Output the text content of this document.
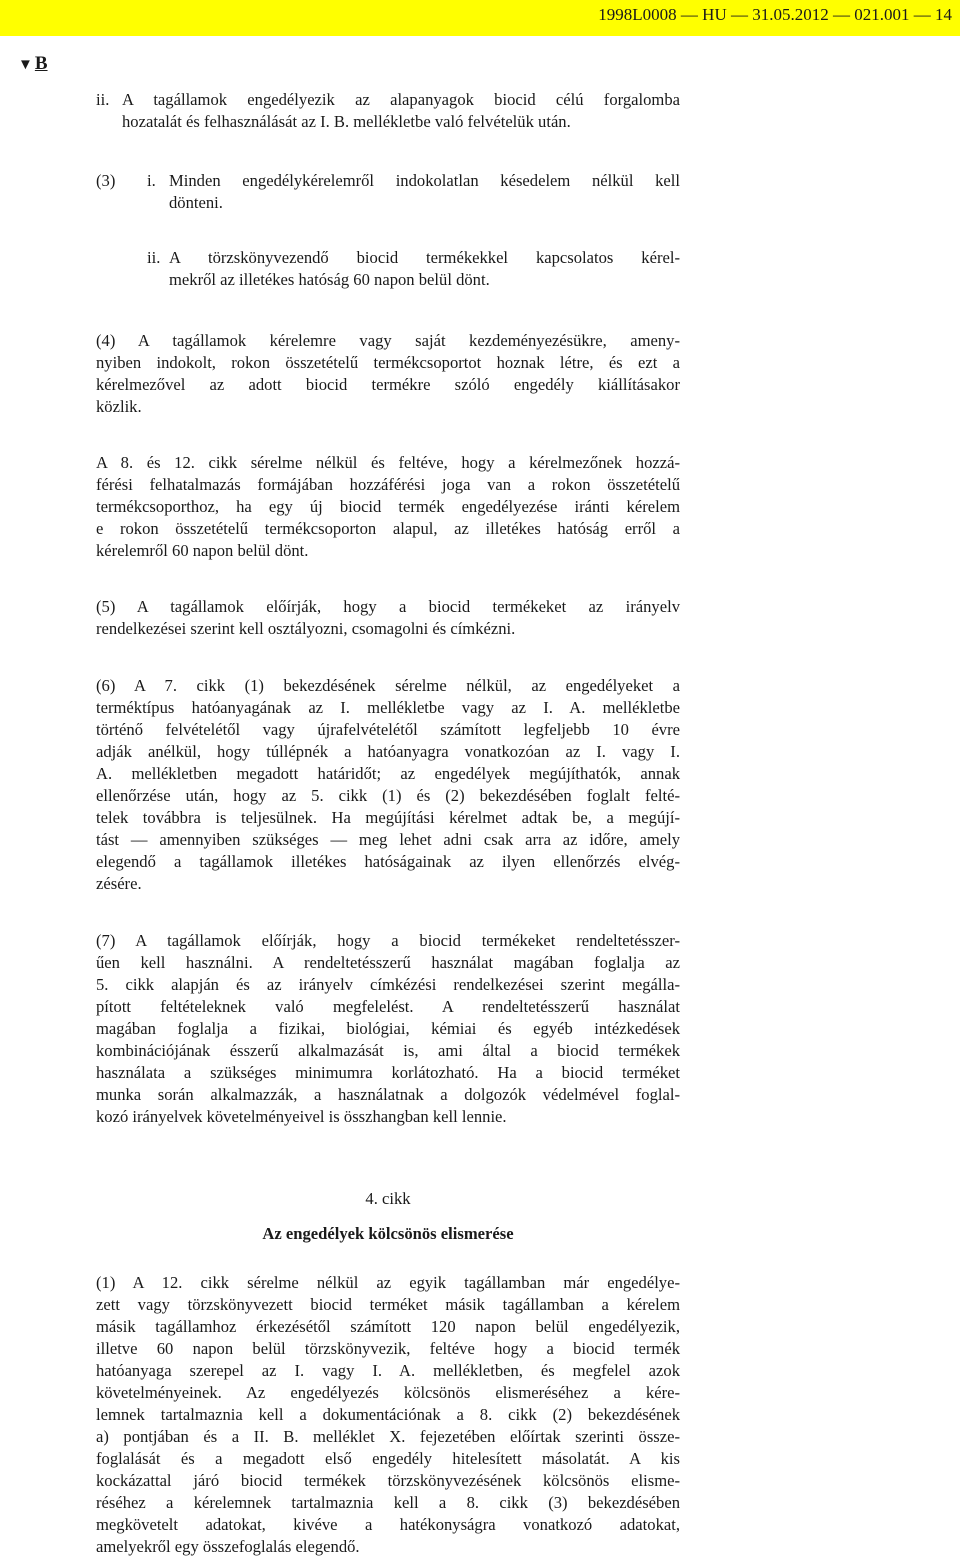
1998L0008 — HU — 31.05.2012 — 021.001 — 14
▼ B
ii. A tagállamok engedélyezik az alapanyagok biocid célú forgalomba
hozatalát és felhasználását az I. B. mellékletbe való felvételük után.
(3) i. Minden engedélykérelemről indokolatlan késedelem nélkül kell
dönteni.
ii. A törzskönyvezendő biocid termékekkel kapcsolatos kérel-
mekről az illetékes hatóság 60 napon belül dönt.
(4) A tagállamok kérelemre vagy saját kezdeményezésükre, ameny-
nyiben indokolt, rokon összetételű termékcsoportot hoznak létre, és ezt a
kérelmezővel az adott biocid termékre szóló engedély kiállításakor
közlik.
A 8. és 12. cikk sérelme nélkül és feltéve, hogy a kérelmezőnek hozzá-
férési felhatalmazás formájában hozzáférési joga van a rokon összetételű
termékcsoporthoz, ha egy új biocid termék engedélyezése iránti kérelem
e rokon összetételű termékcsoporton alapul, az illetékes hatóság erről a
kérelemről 60 napon belül dönt.
(5) A tagállamok előírják, hogy a biocid termékeket az irányelv
rendelkezései szerint kell osztályozni, csomagolni és címkézni.
(6) A 7. cikk (1) bekezdésének sérelme nélkül, az engedélyeket a
terméktípus hatóanyagának az I. mellékletbe vagy az I. A. mellékletbe
történő felvételétől vagy újrafelvételétől számított legfeljebb 10 évre
adják anélkül, hogy túllépnék a hatóanyagra vonatkozóan az I. vagy I.
A. mellékletben megadott határidőt; az engedélyek megújíthatók, annak
ellenőrzése után, hogy az 5. cikk (1) és (2) bekezdésében foglalt felté-
telek továbbra is teljesülnek. Ha megújítási kérelmet adtak be, a megújí-
tást — amennyiben szükséges — meg lehet adni csak arra az időre, amely
elegendő a tagállamok illetékes hatóságainak az ilyen ellenőrzés elvég-
zésére.
(7) A tagállamok előírják, hogy a biocid termékeket rendeltetésszer-
űen kell használni. A rendeltetésszerű használat magában foglalja az
5. cikk alapján és az irányelv címkézési rendelkezései szerint megálla-
pított feltételeknek való megfelelést. A rendeltetésszerű használat
magában foglalja a fizikai, biológiai, kémiai és egyéb intézkedések
kombinációjának ésszerű alkalmazását is, ami által a biocid termékek
használata a szükséges minimumra korlátozható. Ha a biocid terméket
munka során alkalmazzák, a használatnak a dolgozók védelmével foglal-
kozó irányelvek követelményeivel is összhangban kell lennie.
4. cikk
Az engedélyek kölcsönös elismerése
(1) A 12. cikk sérelme nélkül az egyik tagállamban már engedélye-
zett vagy törzskönyvezett biocid terméket másik tagállamban a kérelem
másik tagállamhoz érkezésétől számított 120 napon belül engedélyezik,
illetve 60 napon belül törzskönyvezik, feltéve hogy a biocid termék
hatóanyaga szerepel az I. vagy I. A. mellékletben, és megfelel azok
követelményeinek. Az engedélyezés kölcsönös elismeréséhez a kére-
lemnek tartalmaznia kell a dokumentációnak a 8. cikk (2) bekezdésének
a) pontjában és a II. B. melléklet X. fejezetében előírtak szerinti össze-
foglalását és a megadott első engedély hitelesített másolatát. A kis
kockázattal járó biocid termékek törzskönyvezésének kölcsönös elisme-
réséhez a kérelemnek tartalmaznia kell a 8. cikk (3) bekezdésében
megkövetelt adatokat, kivéve a hatékonyságra vonatkozó adatokat,
amelyekről egy összefoglalás elegendő.
